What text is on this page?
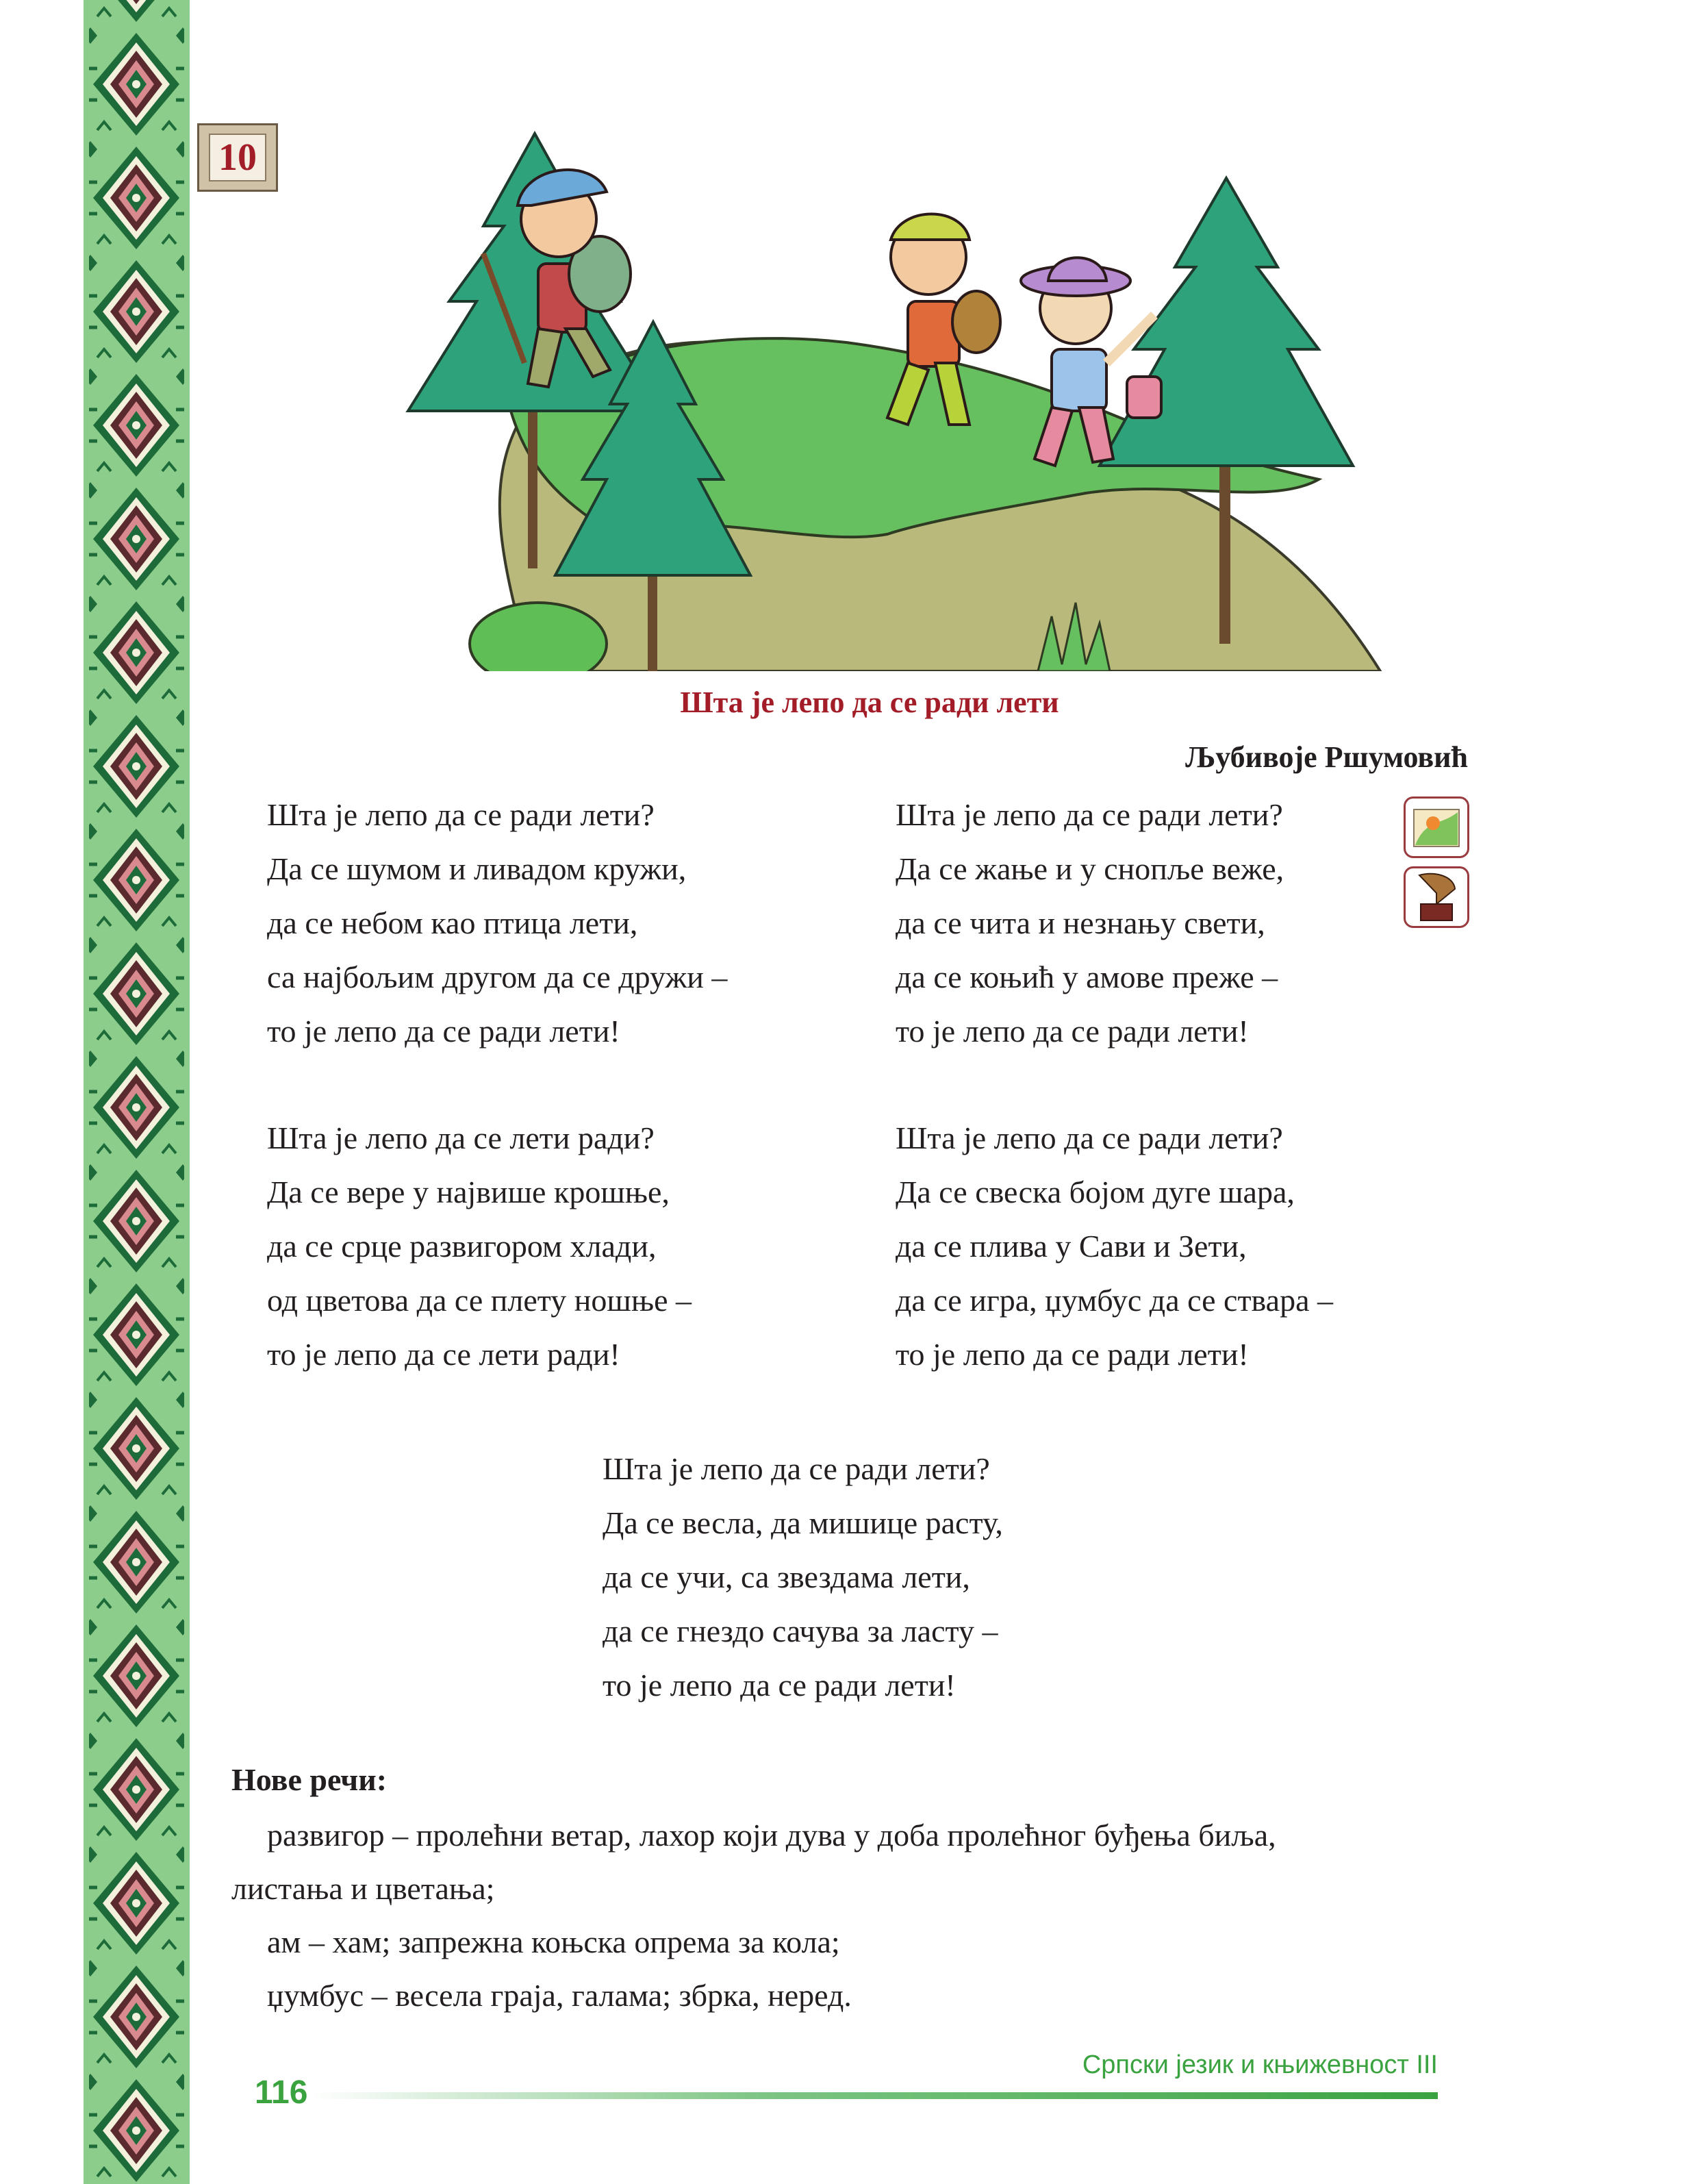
10
Шта је лепо да се ради лети
Љубивоје Ршумовић
Шта је лепо да се ради лети?
Да се шумом и ливадом кружи,
да се небом као птица лети,
са најбољим другом да се дружи –
то је лепо да се ради лети!
Шта је лепо да се ради лети?
Да се жање и у снопље веже,
да се чита и незнању свети,
да се коњић у амове преже –
то је лепо да се ради лети!
Шта је лепо да се лети ради?
Да се вере у највише крошње,
да се срце развигором хлади,
од цветова да се плету ношње –
то је лепо да се лети ради!
Шта је лепо да се ради лети?
Да се свеска бојом дуге шара,
да се плива у Сави и Зети,
да се игра, џумбус да се ствара –
то је лепо да се ради лети!
Шта је лепо да се ради лети?
Да се весла, да мишице расту,
да се учи, са звездама лети,
да се гнездо сачува за ласту –
то је лепо да се ради лети!
Нове речи:
развигор – пролећни ветар, лахор који дува у доба пролећног буђења биља,
листања и цветања;
ам – хам; запрежна коњска опрема за кола;
џумбус – весела граја, галама; збрка, неред.
Српски језик и књижевност III
116
